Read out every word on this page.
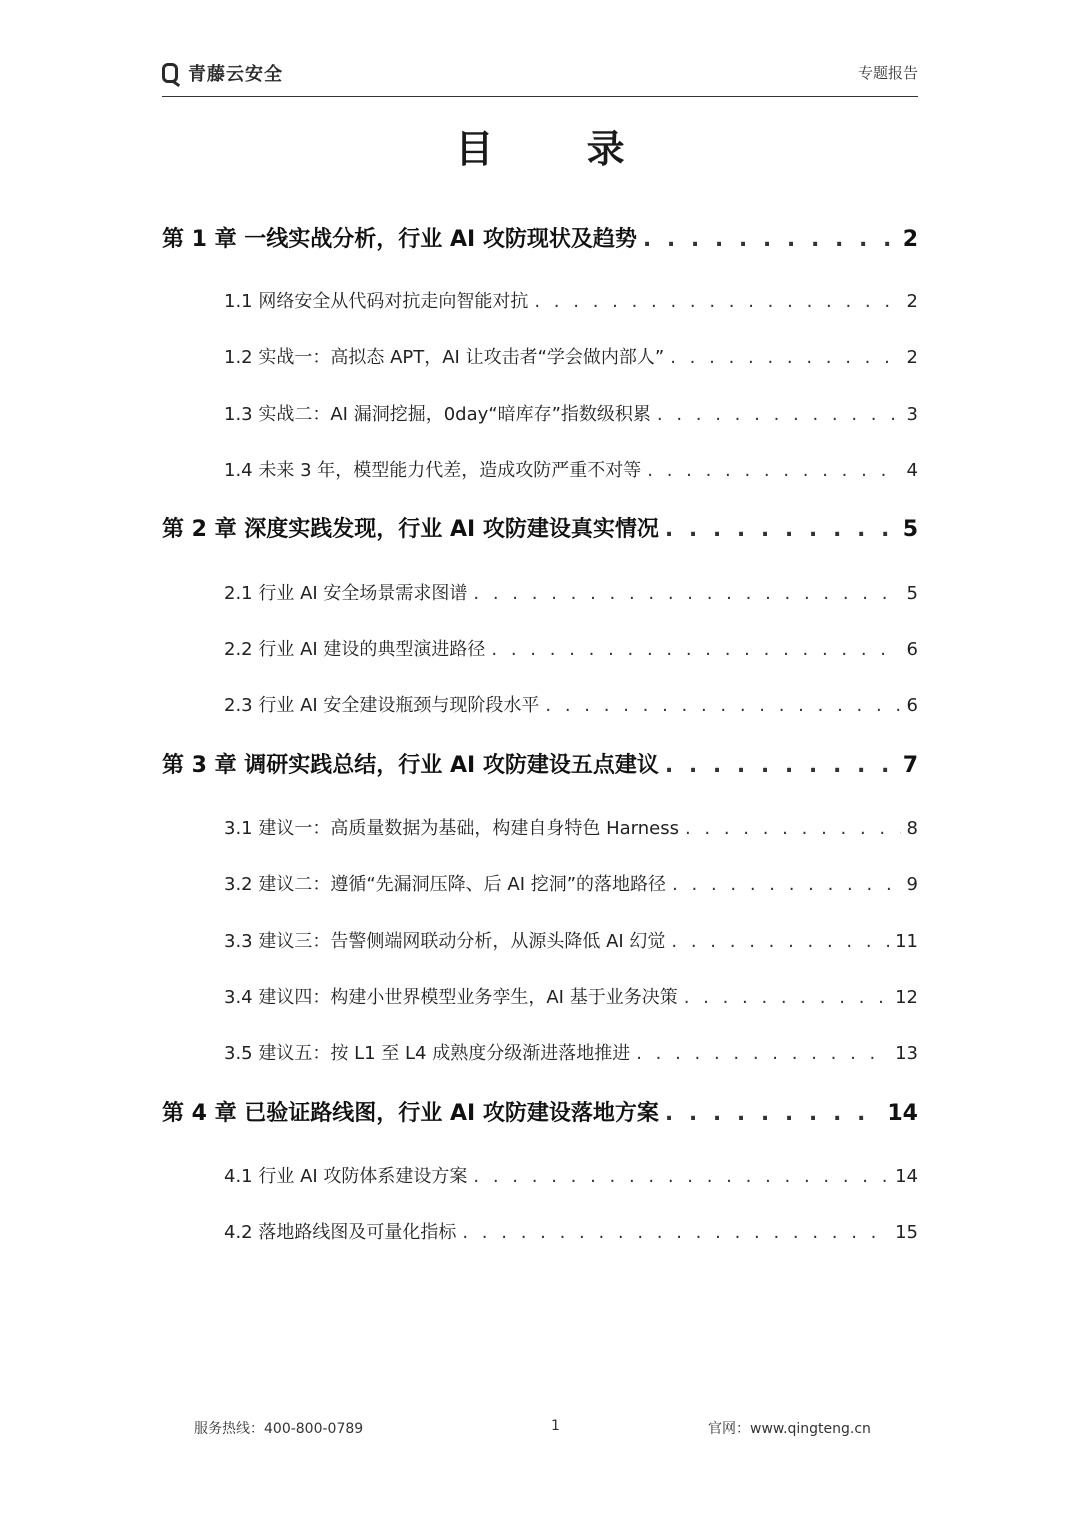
青藤云安全	专题报告
目 录
第 1 章 一线实战分析，行业 AI 攻防现状及趋势 . . .	2
1.1 网络安全从代码对抗走向智能对抗 . . .	2
1.2 实战一：高拟态 APT，AI 让攻击者“学会做内部人” . . .	2
1.3 实战二：AI 漏洞挖掘，0day“暗库存”指数级积累 . . .	3
1.4 未来 3 年，模型能力代差，造成攻防严重不对等 . . .	4
第 2 章 深度实践发现，行业 AI 攻防建设真实情况 . . .	5
2.1 行业 AI 安全场景需求图谱 . . .	5
2.2 行业 AI 建设的典型演进路径 . . .	6
2.3 行业 AI 安全建设瓶颈与现阶段水平 . . .	6
第 3 章 调研实践总结，行业 AI 攻防建设五点建议 . . .	7
3.1 建议一：高质量数据为基础，构建自身特色 Harness . . .	8
3.2 建议二：遵循“先漏洞压降、后 AI 挖洞”的落地路径 . . .	9
3.3 建议三：告警侧端网联动分析，从源头降低 AI 幻觉 . . .	11
3.4 建议四：构建小世界模型业务孪生，AI 基于业务决策 . . .	12
3.5 建议五：按 L1 至 L4 成熟度分级渐进落地推进 . . .	13
第 4 章 已验证路线图，行业 AI 攻防建设落地方案 . . .	14
4.1 行业 AI 攻防体系建设方案 . . .	14
4.2 落地路线图及可量化指标 . . .	15
服务热线：400-800-0789	1	官网：www.qingteng.cn
